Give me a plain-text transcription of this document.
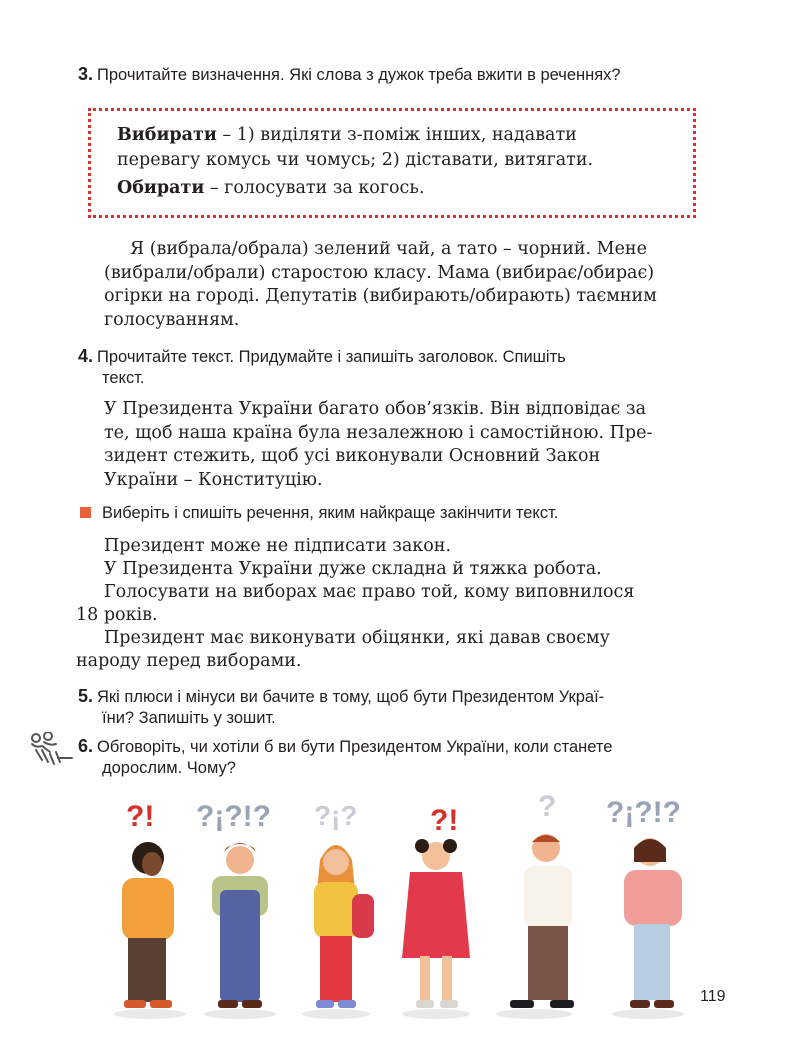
3. Прочитайте визначення. Які слова з дужок треба вжити в реченнях?
Вибирати – 1) виділяти з-поміж інших, надавати
перевагу комусь чи чомусь; 2) діставати, витягати.
Обирати – голосувати за когось.
Я (вибрала/обрала) зелений чай, а тато – чорний. Мене
(вибрали/обрали) старостою класу. Мама (вибирає/обирає)
огірки на городі. Депутатів (вибирають/обирають) таємним
голосуванням.
4. Прочитайте текст. Придумайте і запишіть заголовок. Спишіть
текст.
У Президента України багато обов’язків. Він відповідає за
те, щоб наша країна була незалежною і самостійною. Пре-
зидент стежить, щоб усі виконували Основний Закон
України – Конституцію.
Виберіть і спишіть речення, яким найкраще закінчити текст.
Президент може не підписати закон.
У Президента України дуже складна й тяжка робота.
Голосувати на виборах має право той, кому виповнилося
18 років.
Президент має виконувати обіцянки, які давав своєму
народу перед виборами.
5. Які плюси і мінуси ви бачите в тому, щоб бути Президентом Украї-
їни? Запишіть у зошит.
6. Обговоріть, чи хотіли б ви бути Президентом України, коли станете
дорослим. Чому?
?! ?¡?!? ?¡? ?!	? ?¡?!?
119
